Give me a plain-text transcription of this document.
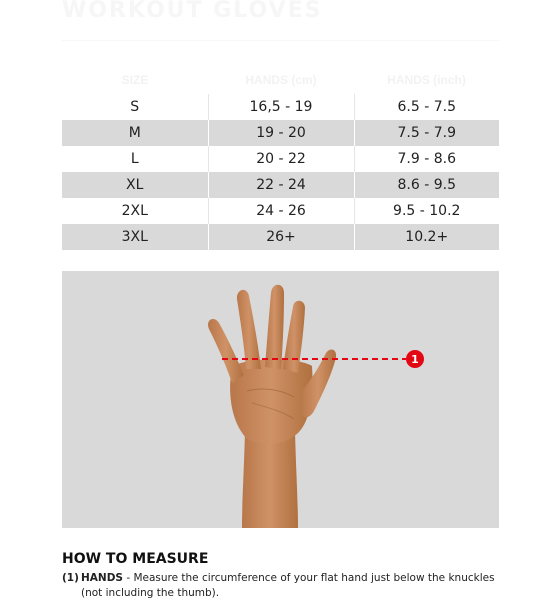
WORKOUT GLOVES
SIZE	HANDS (cm)	HANDS (inch)
S	16,5 - 19	6.5 - 7.5
M	19 - 20	7.5 - 7.9
L	20 - 22	7.9 - 8.6
XL	22 - 24	8.6 - 9.5
2XL	24 - 26	9.5 - 10.2
3XL	26+	10.2+
1
HOW TO MEASURE
(1) HANDS - Measure the circumference of your flat hand just below the knuckles (not including the thumb).
